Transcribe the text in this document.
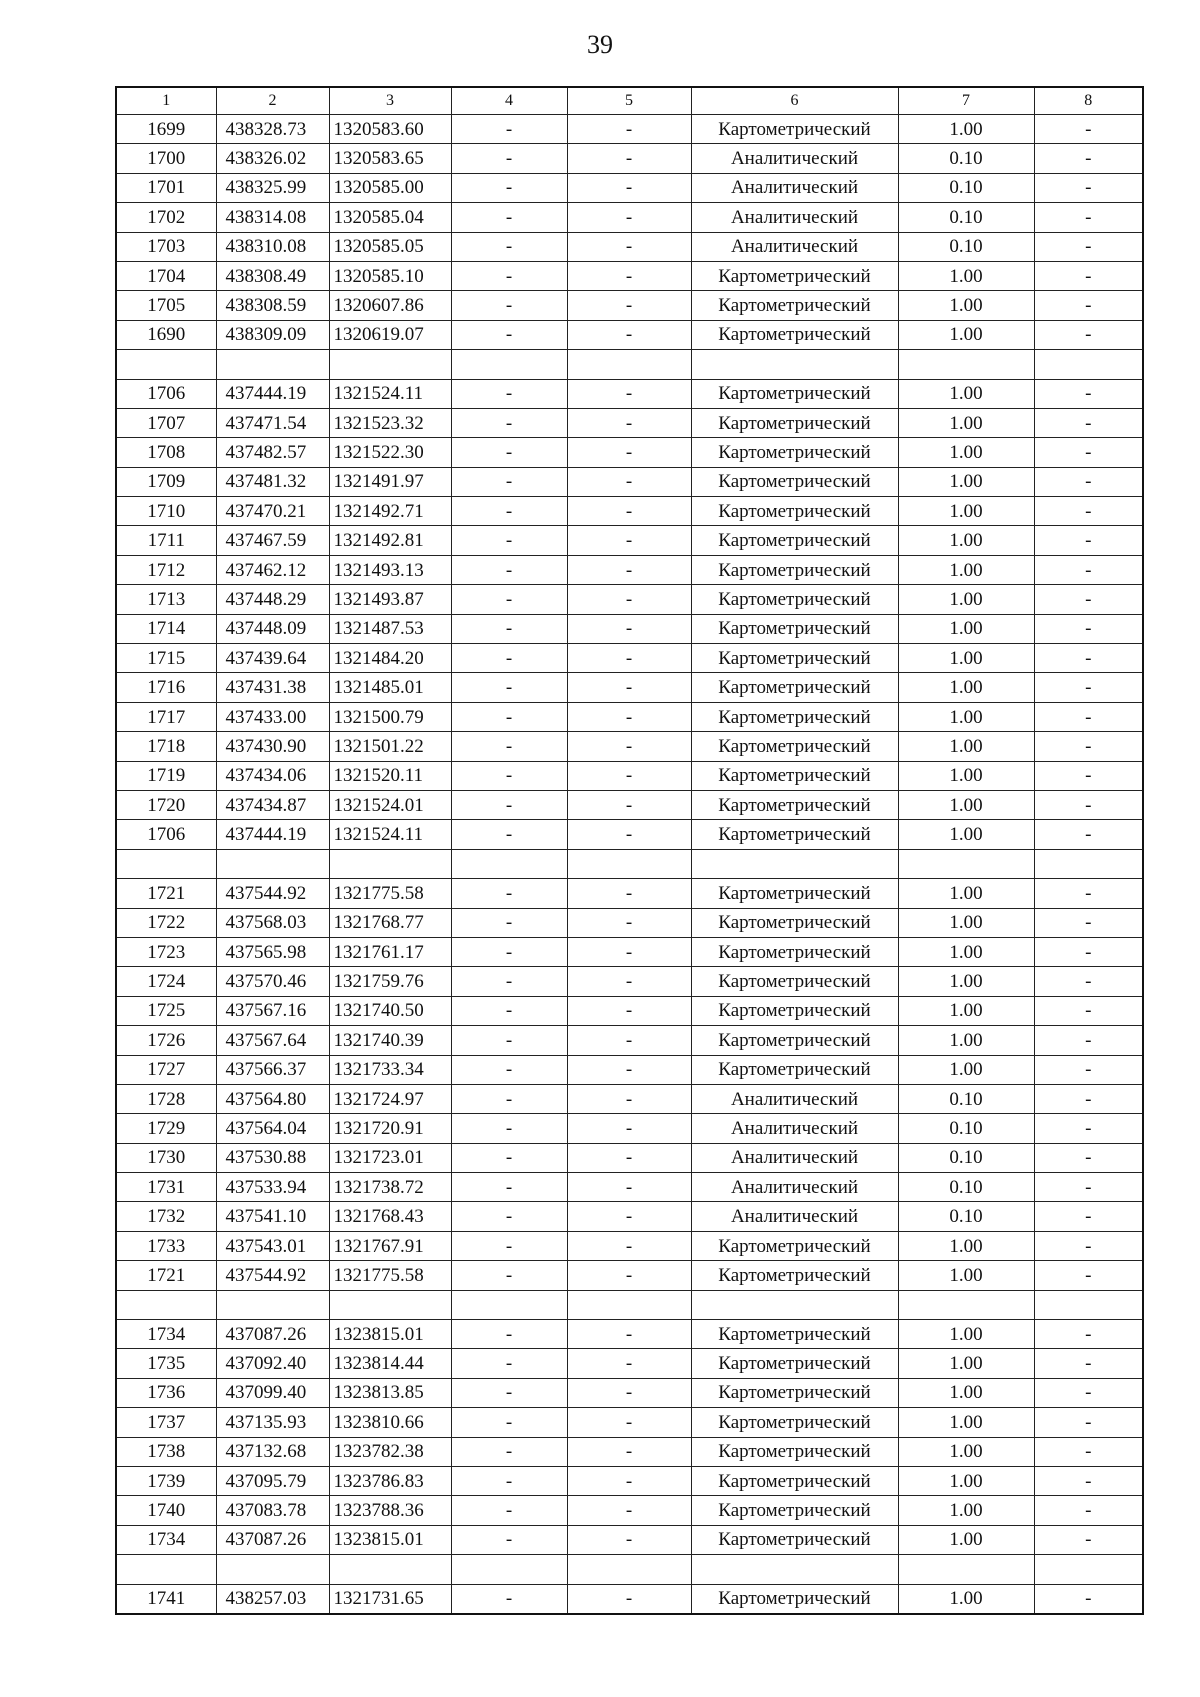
39
1	2	3	4	5	6	7	8
1699	438328.73	1320583.60	-	-	Картометрический	1.00	-
1700	438326.02	1320583.65	-	-	Аналитический	0.10	-
1701	438325.99	1320585.00	-	-	Аналитический	0.10	-
1702	438314.08	1320585.04	-	-	Аналитический	0.10	-
1703	438310.08	1320585.05	-	-	Аналитический	0.10	-
1704	438308.49	1320585.10	-	-	Картометрический	1.00	-
1705	438308.59	1320607.86	-	-	Картометрический	1.00	-
1690	438309.09	1320619.07	-	-	Картометрический	1.00	-

1706	437444.19	1321524.11	-	-	Картометрический	1.00	-
1707	437471.54	1321523.32	-	-	Картометрический	1.00	-
1708	437482.57	1321522.30	-	-	Картометрический	1.00	-
1709	437481.32	1321491.97	-	-	Картометрический	1.00	-
1710	437470.21	1321492.71	-	-	Картометрический	1.00	-
1711	437467.59	1321492.81	-	-	Картометрический	1.00	-
1712	437462.12	1321493.13	-	-	Картометрический	1.00	-
1713	437448.29	1321493.87	-	-	Картометрический	1.00	-
1714	437448.09	1321487.53	-	-	Картометрический	1.00	-
1715	437439.64	1321484.20	-	-	Картометрический	1.00	-
1716	437431.38	1321485.01	-	-	Картометрический	1.00	-
1717	437433.00	1321500.79	-	-	Картометрический	1.00	-
1718	437430.90	1321501.22	-	-	Картометрический	1.00	-
1719	437434.06	1321520.11	-	-	Картометрический	1.00	-
1720	437434.87	1321524.01	-	-	Картометрический	1.00	-
1706	437444.19	1321524.11	-	-	Картометрический	1.00	-

1721	437544.92	1321775.58	-	-	Картометрический	1.00	-
1722	437568.03	1321768.77	-	-	Картометрический	1.00	-
1723	437565.98	1321761.17	-	-	Картометрический	1.00	-
1724	437570.46	1321759.76	-	-	Картометрический	1.00	-
1725	437567.16	1321740.50	-	-	Картометрический	1.00	-
1726	437567.64	1321740.39	-	-	Картометрический	1.00	-
1727	437566.37	1321733.34	-	-	Картометрический	1.00	-
1728	437564.80	1321724.97	-	-	Аналитический	0.10	-
1729	437564.04	1321720.91	-	-	Аналитический	0.10	-
1730	437530.88	1321723.01	-	-	Аналитический	0.10	-
1731	437533.94	1321738.72	-	-	Аналитический	0.10	-
1732	437541.10	1321768.43	-	-	Аналитический	0.10	-
1733	437543.01	1321767.91	-	-	Картометрический	1.00	-
1721	437544.92	1321775.58	-	-	Картометрический	1.00	-

1734	437087.26	1323815.01	-	-	Картометрический	1.00	-
1735	437092.40	1323814.44	-	-	Картометрический	1.00	-
1736	437099.40	1323813.85	-	-	Картометрический	1.00	-
1737	437135.93	1323810.66	-	-	Картометрический	1.00	-
1738	437132.68	1323782.38	-	-	Картометрический	1.00	-
1739	437095.79	1323786.83	-	-	Картометрический	1.00	-
1740	437083.78	1323788.36	-	-	Картометрический	1.00	-
1734	437087.26	1323815.01	-	-	Картометрический	1.00	-

1741	438257.03	1321731.65	-	-	Картометрический	1.00	-
